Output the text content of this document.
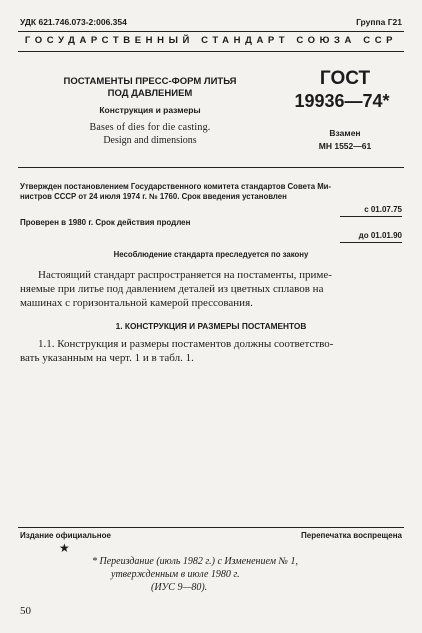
УДК 621.746.073-2:006.354	Группа Г21
ГОСУДАРСТВЕННЫЙ СТАНДАРТ СОЮЗА ССР
ПОСТАМЕНТЫ ПРЕСС-ФОРМ ЛИТЬЯ
ПОД ДАВЛЕНИЕМ
Конструкция и размеры
Bases of dies for die casting.
Design and dimensions
ГОСТ
19936—74*
Взамен
МН 1552—61
Утвержден постановлением Государственного комитета стандартов Совета Ми-
нистров СССР от 24 июля 1974 г. № 1760. Срок введения установлен
с 01.07.75
Проверен в 1980 г. Срок действия продлен
до 01.01.90
Несоблюдение стандарта преследуется по закону
Настоящий стандарт распространяется на постаменты, приме-
няемые при литье под давлением деталей из цветных сплавов на
машинах с горизонтальной камерой прессования.
1. КОНСТРУКЦИЯ И РАЗМЕРЫ ПОСТАМЕНТОВ
1.1. Конструкция и размеры постаментов должны соответство-
вать указанным на черт. 1 и в табл. 1.
Издание официальное	Перепечатка воспрещена
★
* Переиздание (июль 1982 г.) с Изменением № 1,
утвержденным в июле 1980 г.
(ИУС 9—80).
50
